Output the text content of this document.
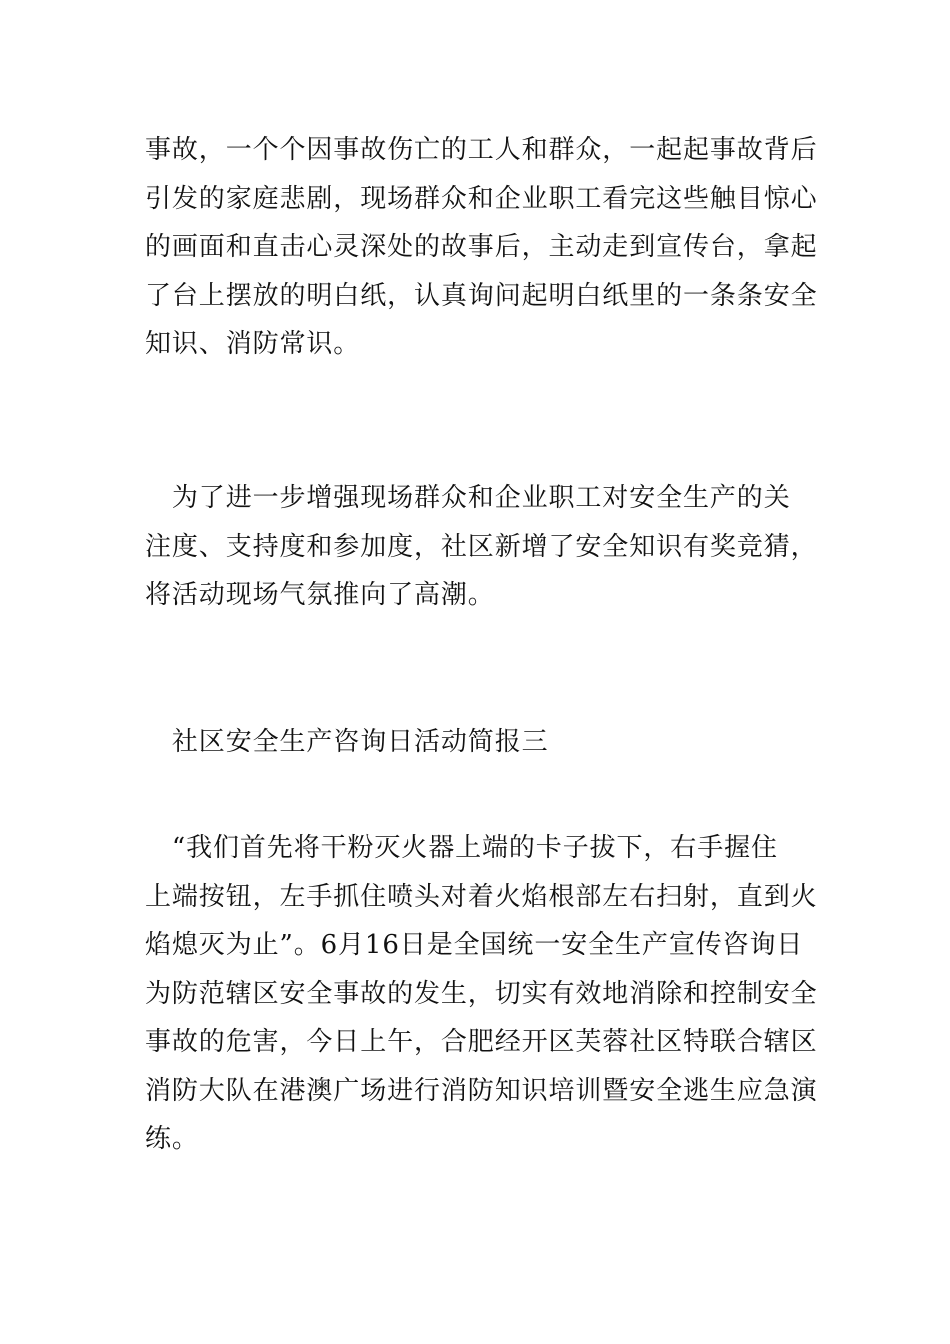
事故，一个个因事故伤亡的工人和群众，一起起事故背后
引发的家庭悲剧，现场群众和企业职工看完这些触目惊心
的画面和直击心灵深处的故事后，主动走到宣传台，拿起
了台上摆放的明白纸，认真询问起明白纸里的一条条安全
知识、消防常识。

　为了进一步增强现场群众和企业职工对安全生产的关
注度、支持度和参加度，社区新增了安全知识有奖竞猜，
将活动现场气氛推向了高潮。

　社区安全生产咨询日活动简报三

　“我们首先将干粉灭火器上端的卡子拔下，右手握住
上端按钮，左手抓住喷头对着火焰根部左右扫射，直到火
焰熄灭为止”。6月16日是全国统一安全生产宣传咨询日
为防范辖区安全事故的发生，切实有效地消除和控制安全
事故的危害，今日上午，合肥经开区芙蓉社区特联合辖区
消防大队在港澳广场进行消防知识培训暨安全逃生应急演
练。
